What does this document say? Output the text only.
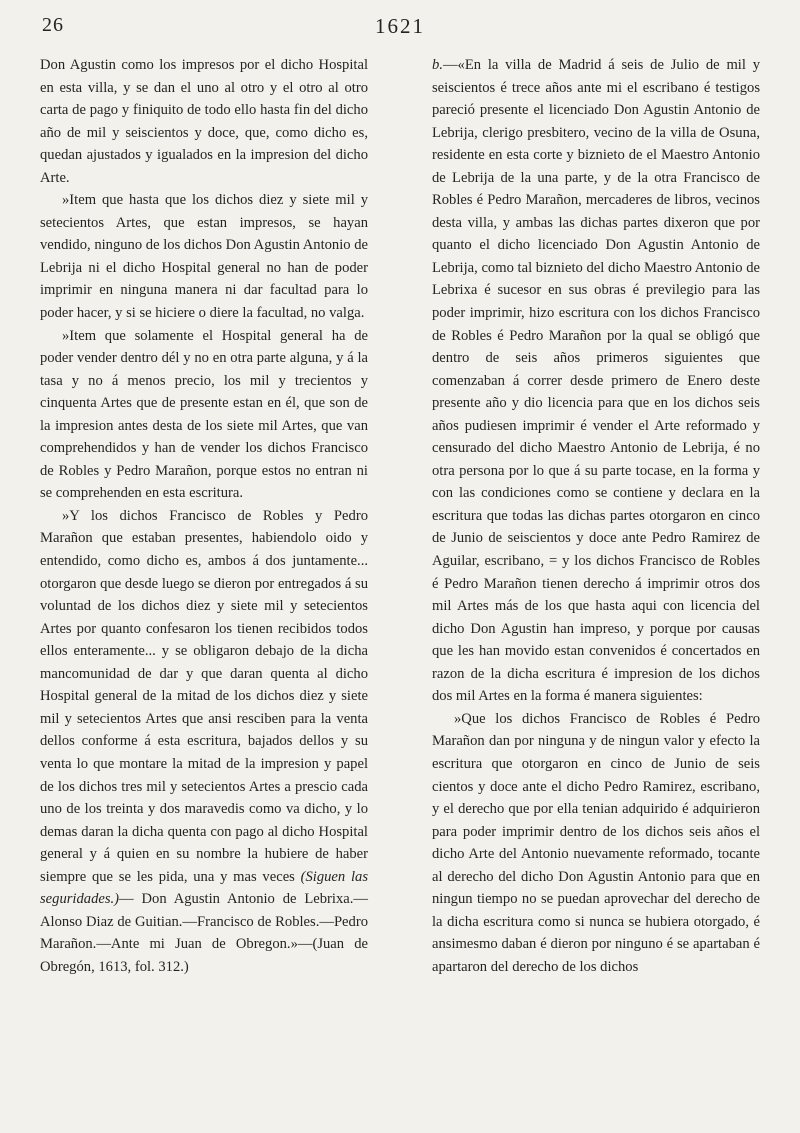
26	1621

Don Agustin como los impresos por el dicho Hospital en esta villa, y se dan el uno al otro y el otro al otro carta de pago y finiquito de todo ello hasta fin del dicho año de mil y seiscientos y doce, que, como dicho es, quedan ajustados y igualados en la impresion del dicho Arte.

»Item que hasta que los dichos diez y siete mil y setecientos Artes, que estan impresos, se hayan vendido, ninguno de los dichos Don Agustin Antonio de Lebrija ni el dicho Hospital general no han de poder imprimir en ninguna manera ni dar facultad para lo poder hacer, y si se hiciere o diere la facultad, no valga.

»Item que solamente el Hospital general ha de poder vender dentro dél y no en otra parte alguna, y á la tasa y no á menos precio, los mil y trecientos y cinquenta Artes que de presente estan en él, que son de la impresion antes desta de los siete mil Artes, que van comprehendidos y han de vender los dichos Francisco de Robles y Pedro Marañon, porque estos no entran ni se comprehenden en esta escritura.

»Y los dichos Francisco de Robles y Pedro Marañon que estaban presentes, habiendolo oido y entendido, como dicho es, ambos á dos juntamente... otorgaron que desde luego se dieron por entregados á su voluntad de los dichos diez y siete mil y setecientos Artes por quanto confesaron los tienen recibidos todos ellos enteramente... y se obligaron debajo de la dicha mancomunidad de dar y que daran quenta al dicho Hospital general de la mitad de los dichos diez y siete mil y setecientos Artes que ansi resciben para la venta dellos conforme á esta escritura, bajados dellos y su venta lo que montare la mitad de la impresion y papel de los dichos tres mil y setecientos Artes a prescio cada uno de los treinta y dos maravedis como va dicho, y lo demas daran la dicha quenta con pago al dicho Hospital general y á quien en su nombre la hubiere de haber siempre que se les pida, una y mas veces (Siguen las seguridades.)— Don Agustin Antonio de Lebrixa.—Alonso Diaz de Guitian.—Francisco de Robles.—Pedro Marañon.—Ante mi Juan de Obregon.»—(Juan de Obregón, 1613, fol. 312.)

b.—«En la villa de Madrid á seis de Julio de mil y seiscientos é trece años ante mi el escribano é testigos pareció presente el licenciado Don Agustin Antonio de Lebrija, clerigo presbitero, vecino de la villa de Osuna, residente en esta corte y biznieto de el Maestro Antonio de Lebrija de la una parte, y de la otra Francisco de Robles é Pedro Marañon, mercaderes de libros, vecinos desta villa, y ambas las dichas partes dixeron que por quanto el dicho licenciado Don Agustin Antonio de Lebrija, como tal biznieto del dicho Maestro Antonio de Lebrixa é sucesor en sus obras é previlegio para las poder imprimir, hizo escritura con los dichos Francisco de Robles é Pedro Marañon por la qual se obligó que dentro de seis años primeros siguientes que comenzaban á correr desde primero de Enero deste presente año y dio licencia para que en los dichos seis años pudiesen imprimir é vender el Arte reformado y censurado del dicho Maestro Antonio de Lebrija, é no otra persona por lo que á su parte tocase, en la forma y con las condiciones como se contiene y declara en la escritura que todas las dichas partes otorgaron en cinco de Junio de seiscientos y doce ante Pedro Ramirez de Aguilar, escribano, = y los dichos Francisco de Robles é Pedro Marañon tienen derecho á imprimir otros dos mil Artes más de los que hasta aqui con licencia del dicho Don Agustin han impreso, y porque por causas que les han movido estan convenidos é concertados en razon de la dicha escritura é impresion de los dichos dos mil Artes en la forma é manera siguientes:

»Que los dichos Francisco de Robles é Pedro Marañon dan por ninguna y de ningun valor y efecto la escritura que otorgaron en cinco de Junio de seis cientos y doce ante el dicho Pedro Ramirez, escribano, y el derecho que por ella tenian adquirido é adquirieron para poder imprimir dentro de los dichos seis años el dicho Arte del Antonio nuevamente reformado, tocante al derecho del dicho Don Agustin Antonio para que en ningun tiempo no se puedan aprovechar del derecho de la dicha escritura como si nunca se hubiera otorgado, é ansimesmo daban é dieron por ninguno é se apartaban é apartaron del derecho de los dichos
